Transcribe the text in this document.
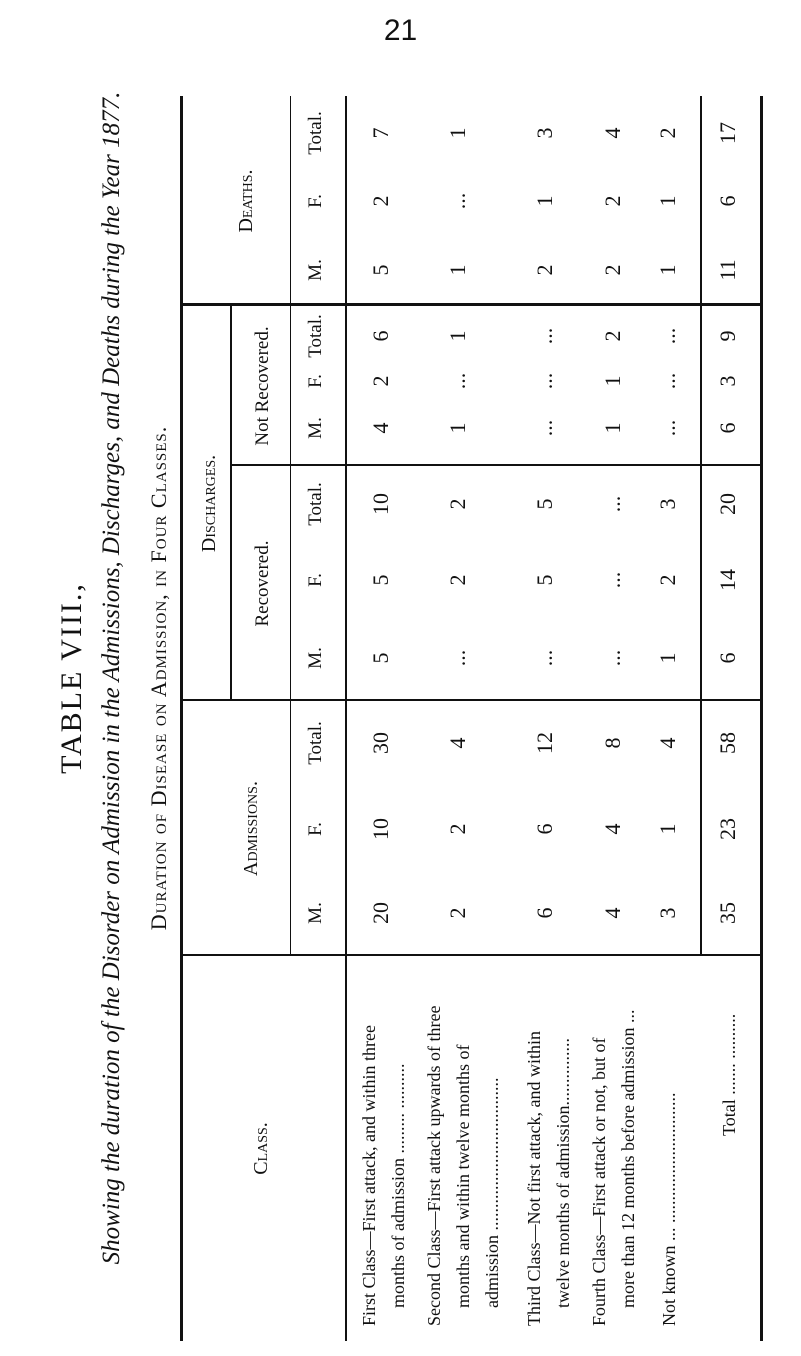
21
TABLE VIII., Showing the duration of the Disorder on Admission in the Admissions, Discharges, and Deaths during the Year 1877. Duration of Disease on Admission, in Four Classes.
Class.
Admissions.
Discharges.
Deaths.
Recovered.
Not Recovered.
M.
F.
Total.
M.
F.
Total.
M.
F.
Total.
M.
F.
Total.
First Class—First attack, and within three months of admission ......... ..........
20
10
30
5
5
10
4
2
6
5
2
7
Second Class—First attack upwards of three months and within twelve months of admission ..................................
2
2
4
...
2
2
1
...
1
1
...
1
Third Class—Not first attack, and within twelve months of admission...............
6
6
12
...
5
5
...
...
...
2
1
3
Fourth Class—First attack or not, but of more than 12 months before admission ...
4
4
8
...
...
...
1
1
2
2
2
4
Not known ... .............................
3
1
4
1
2
3
...
...
...
1
1
2
Total ....... ..........
35
23
58
6
14
20
6
3
9
11
6
17
